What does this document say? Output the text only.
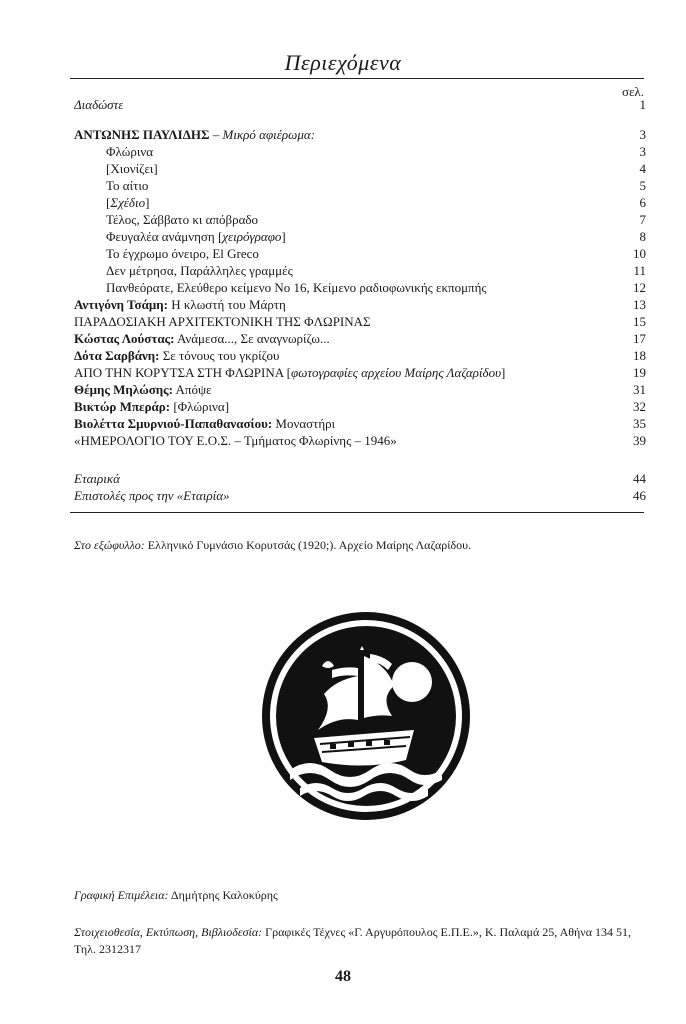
Περιεχόμενα
σελ.
Διαδώστε	1
ΑΝΤΩΝΗΣ ΠΑΥΛΙΔΗΣ – Μικρό αφιέρωμα:	3
Φλώρινα	3
[Χιονίζει]	4
Το αίτιο	5
[Σχέδιο]	6
Τέλος, Σάββατο κι απόβραδο	7
Φευγαλέα ανάμνηση [χειρόγραφο]	8
Το έγχρωμο όνειρο, El Greco	10
Δεν μέτρησα, Παράλληλες γραμμές	11
Πανθεόρατε, Ελεύθερο κείμενο Νο 16, Κείμενο ραδιοφωνικής εκπομπής	12
Αντιγόνη Τσάμη: Η κλωστή του Μάρτη	13
ΠΑΡΑΔΟΣΙΑΚΗ ΑΡΧΙΤΕΚΤΟΝΙΚΗ ΤΗΣ ΦΛΩΡΙΝΑΣ	15
Κώστας Λούστας: Ανάμεσα..., Σε αναγνωρίζω...	17
Δότα Σαρβάνη: Σε τόνους του γκρίζου	18
ΑΠΟ ΤΗΝ ΚΟΡΥΤΣΑ ΣΤΗ ΦΛΩΡΙΝΑ [φωτογραφίες αρχείου Μαίρης Λαζαρίδου]	19
Θέμης Μηλώσης: Απόψε	31
Βικτώρ Μπεράρ: [Φλώρινα]	32
Βιολέττα Σμυρνιού-Παπαθανασίου: Μοναστήρι	35
«ΗΜΕΡΟΛΟΓΙΟ ΤΟΥ Ε.Ο.Σ. – Τμήματος Φλωρίνης – 1946»	39
Εταιρικά	44
Επιστολές προς την «Εταιρία»	46
Στο εξώφυλλο: Ελληνικό Γυμνάσιο Κορυτσάς (1920;). Αρχείο Μαίρης Λαζαρίδου.
Γραφική Επιμέλεια: Δημήτρης Καλοκύρης
Στοιχειοθεσία, Εκτύπωση, Βιβλιοδεσία: Γραφικές Τέχνες «Γ. Αργυρόπουλος Ε.Π.Ε.», Κ. Παλαμά 25, Αθήνα 134 51, Τηλ. 2312317
48
